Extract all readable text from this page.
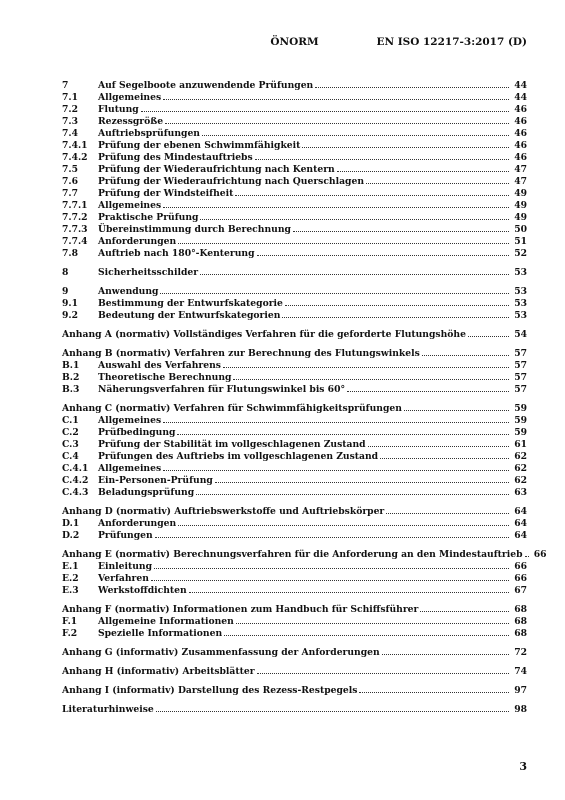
ÖNORM	EN ISO 12217-3:2017 (D)
7	Auf Segelboote anzuwendende Prüfungen	44
7.1	Allgemeines	44
7.2	Flutung	46
7.3	Rezessgröße	46
7.4	Auftriebsprüfungen	46
7.4.1	Prüfung der ebenen Schwimmfähigkeit	46
7.4.2	Prüfung des Mindestauftriebs	46
7.5	Prüfung der Wiederaufrichtung nach Kentern	47
7.6	Prüfung der Wiederaufrichtung nach Querschlagen	47
7.7	Prüfung der Windsteifheit	49
7.7.1	Allgemeines	49
7.7.2	Praktische Prüfung	49
7.7.3	Übereinstimmung durch Berechnung	50
7.7.4	Anforderungen	51
7.8	Auftrieb nach 180°-Kenterung	52
8	Sicherheitsschilder	53
9	Anwendung	53
9.1	Bestimmung der Entwurfskategorie	53
9.2	Bedeutung der Entwurfskategorien	53
Anhang A (normativ) Vollständiges Verfahren für die geforderte Flutungshöhe	54
Anhang B (normativ) Verfahren zur Berechnung des Flutungswinkels	57
B.1	Auswahl des Verfahrens	57
B.2	Theoretische Berechnung	57
B.3	Näherungsverfahren für Flutungswinkel bis 60°	57
Anhang C (normativ) Verfahren für Schwimmfähigkeitsprüfungen	59
C.1	Allgemeines	59
C.2	Prüfbedingung	59
C.3	Prüfung der Stabilität im vollgeschlagenen Zustand	61
C.4	Prüfungen des Auftriebs im vollgeschlagenen Zustand	62
C.4.1	Allgemeines	62
C.4.2	Ein-Personen-Prüfung	62
C.4.3	Beladungsprüfung	63
Anhang D (normativ) Auftriebswerkstoffe und Auftriebskörper	64
D.1	Anforderungen	64
D.2	Prüfungen	64
Anhang E (normativ) Berechnungsverfahren für die Anforderung an den Mindestauftrieb	66
E.1	Einleitung	66
E.2	Verfahren	66
E.3	Werkstoffdichten	67
Anhang F (normativ) Informationen zum Handbuch für Schiffsführer	68
F.1	Allgemeine Informationen	68
F.2	Spezielle Informationen	68
Anhang G (informativ) Zusammenfassung der Anforderungen	72
Anhang H (informativ) Arbeitsblätter	74
Anhang I (informativ) Darstellung des Rezess-Restpegels	97
Literaturhinweise	98
3
